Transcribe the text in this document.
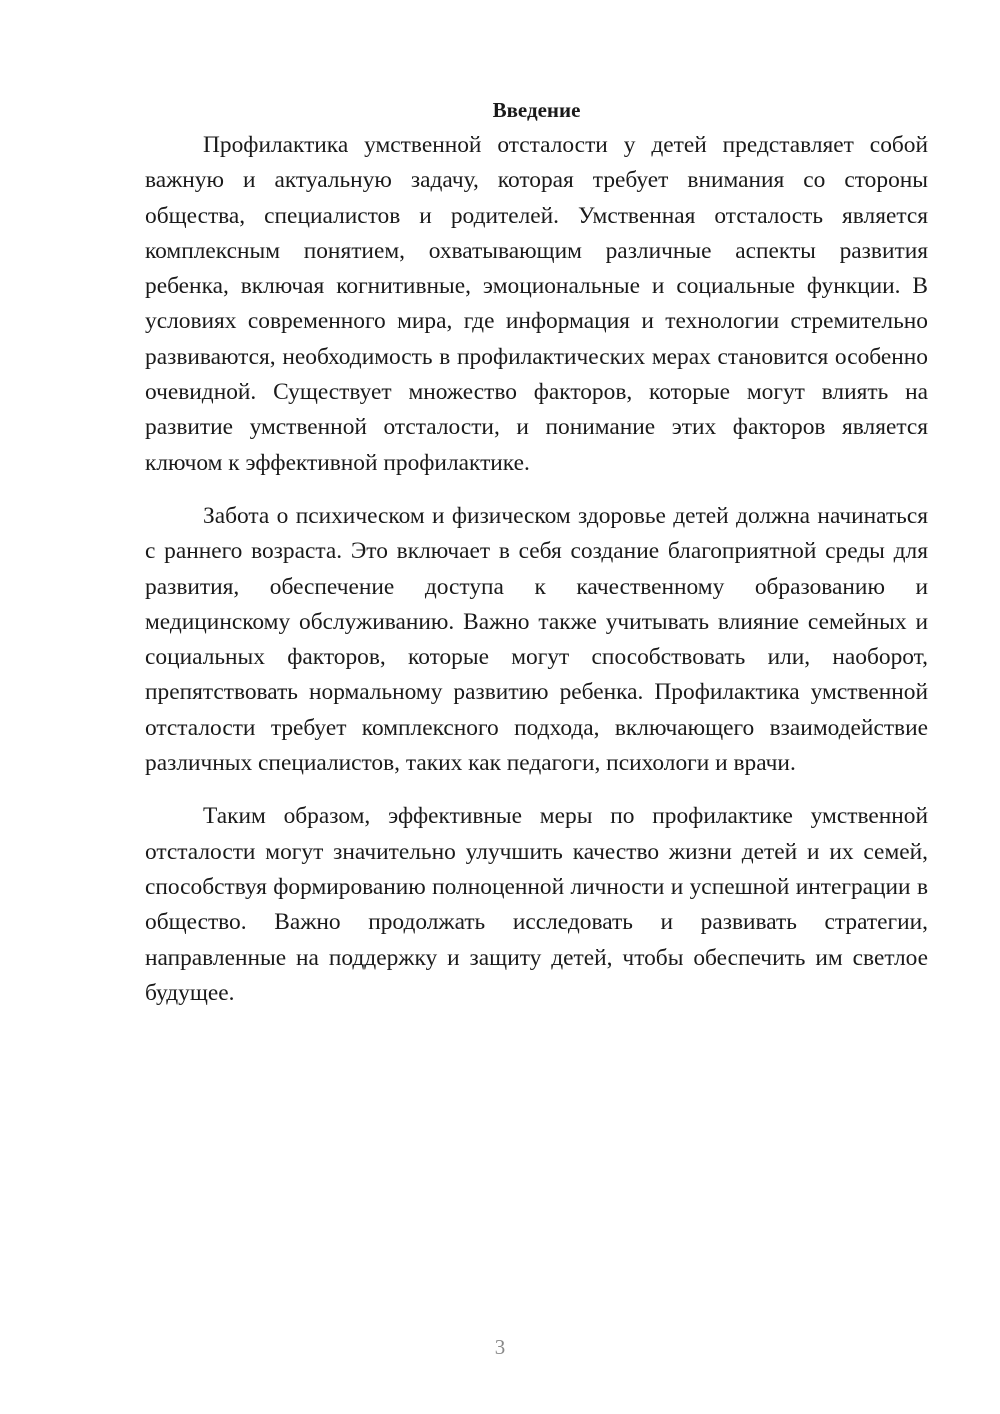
Введение

Профилактика умственной отсталости у детей представляет собой важную и актуальную задачу, которая требует внимания со стороны общества, специалистов и родителей. Умственная отсталость является комплексным понятием, охватывающим различные аспекты развития ребенка, включая когнитивные, эмоциональные и социальные функции. В условиях современного мира, где информация и технологии стремительно развиваются, необходимость в профилактических мерах становится особенно очевидной. Существует множество факторов, которые могут влиять на развитие умственной отсталости, и понимание этих факторов является ключом к эффективной профилактике.

Забота о психическом и физическом здоровье детей должна начинаться с раннего возраста. Это включает в себя создание благоприятной среды для развития, обеспечение доступа к качественному образованию и медицинскому обслуживанию. Важно также учитывать влияние семейных и социальных факторов, которые могут способствовать или, наоборот, препятствовать нормальному развитию ребенка. Профилактика умственной отсталости требует комплексного подхода, включающего взаимодействие различных специалистов, таких как педагоги, психологи и врачи.

Таким образом, эффективные меры по профилактике умственной отсталости могут значительно улучшить качество жизни детей и их семей, способствуя формированию полноценной личности и успешной интеграции в общество. Важно продолжать исследовать и развивать стратегии, направленные на поддержку и защиту детей, чтобы обеспечить им светлое будущее.

3
